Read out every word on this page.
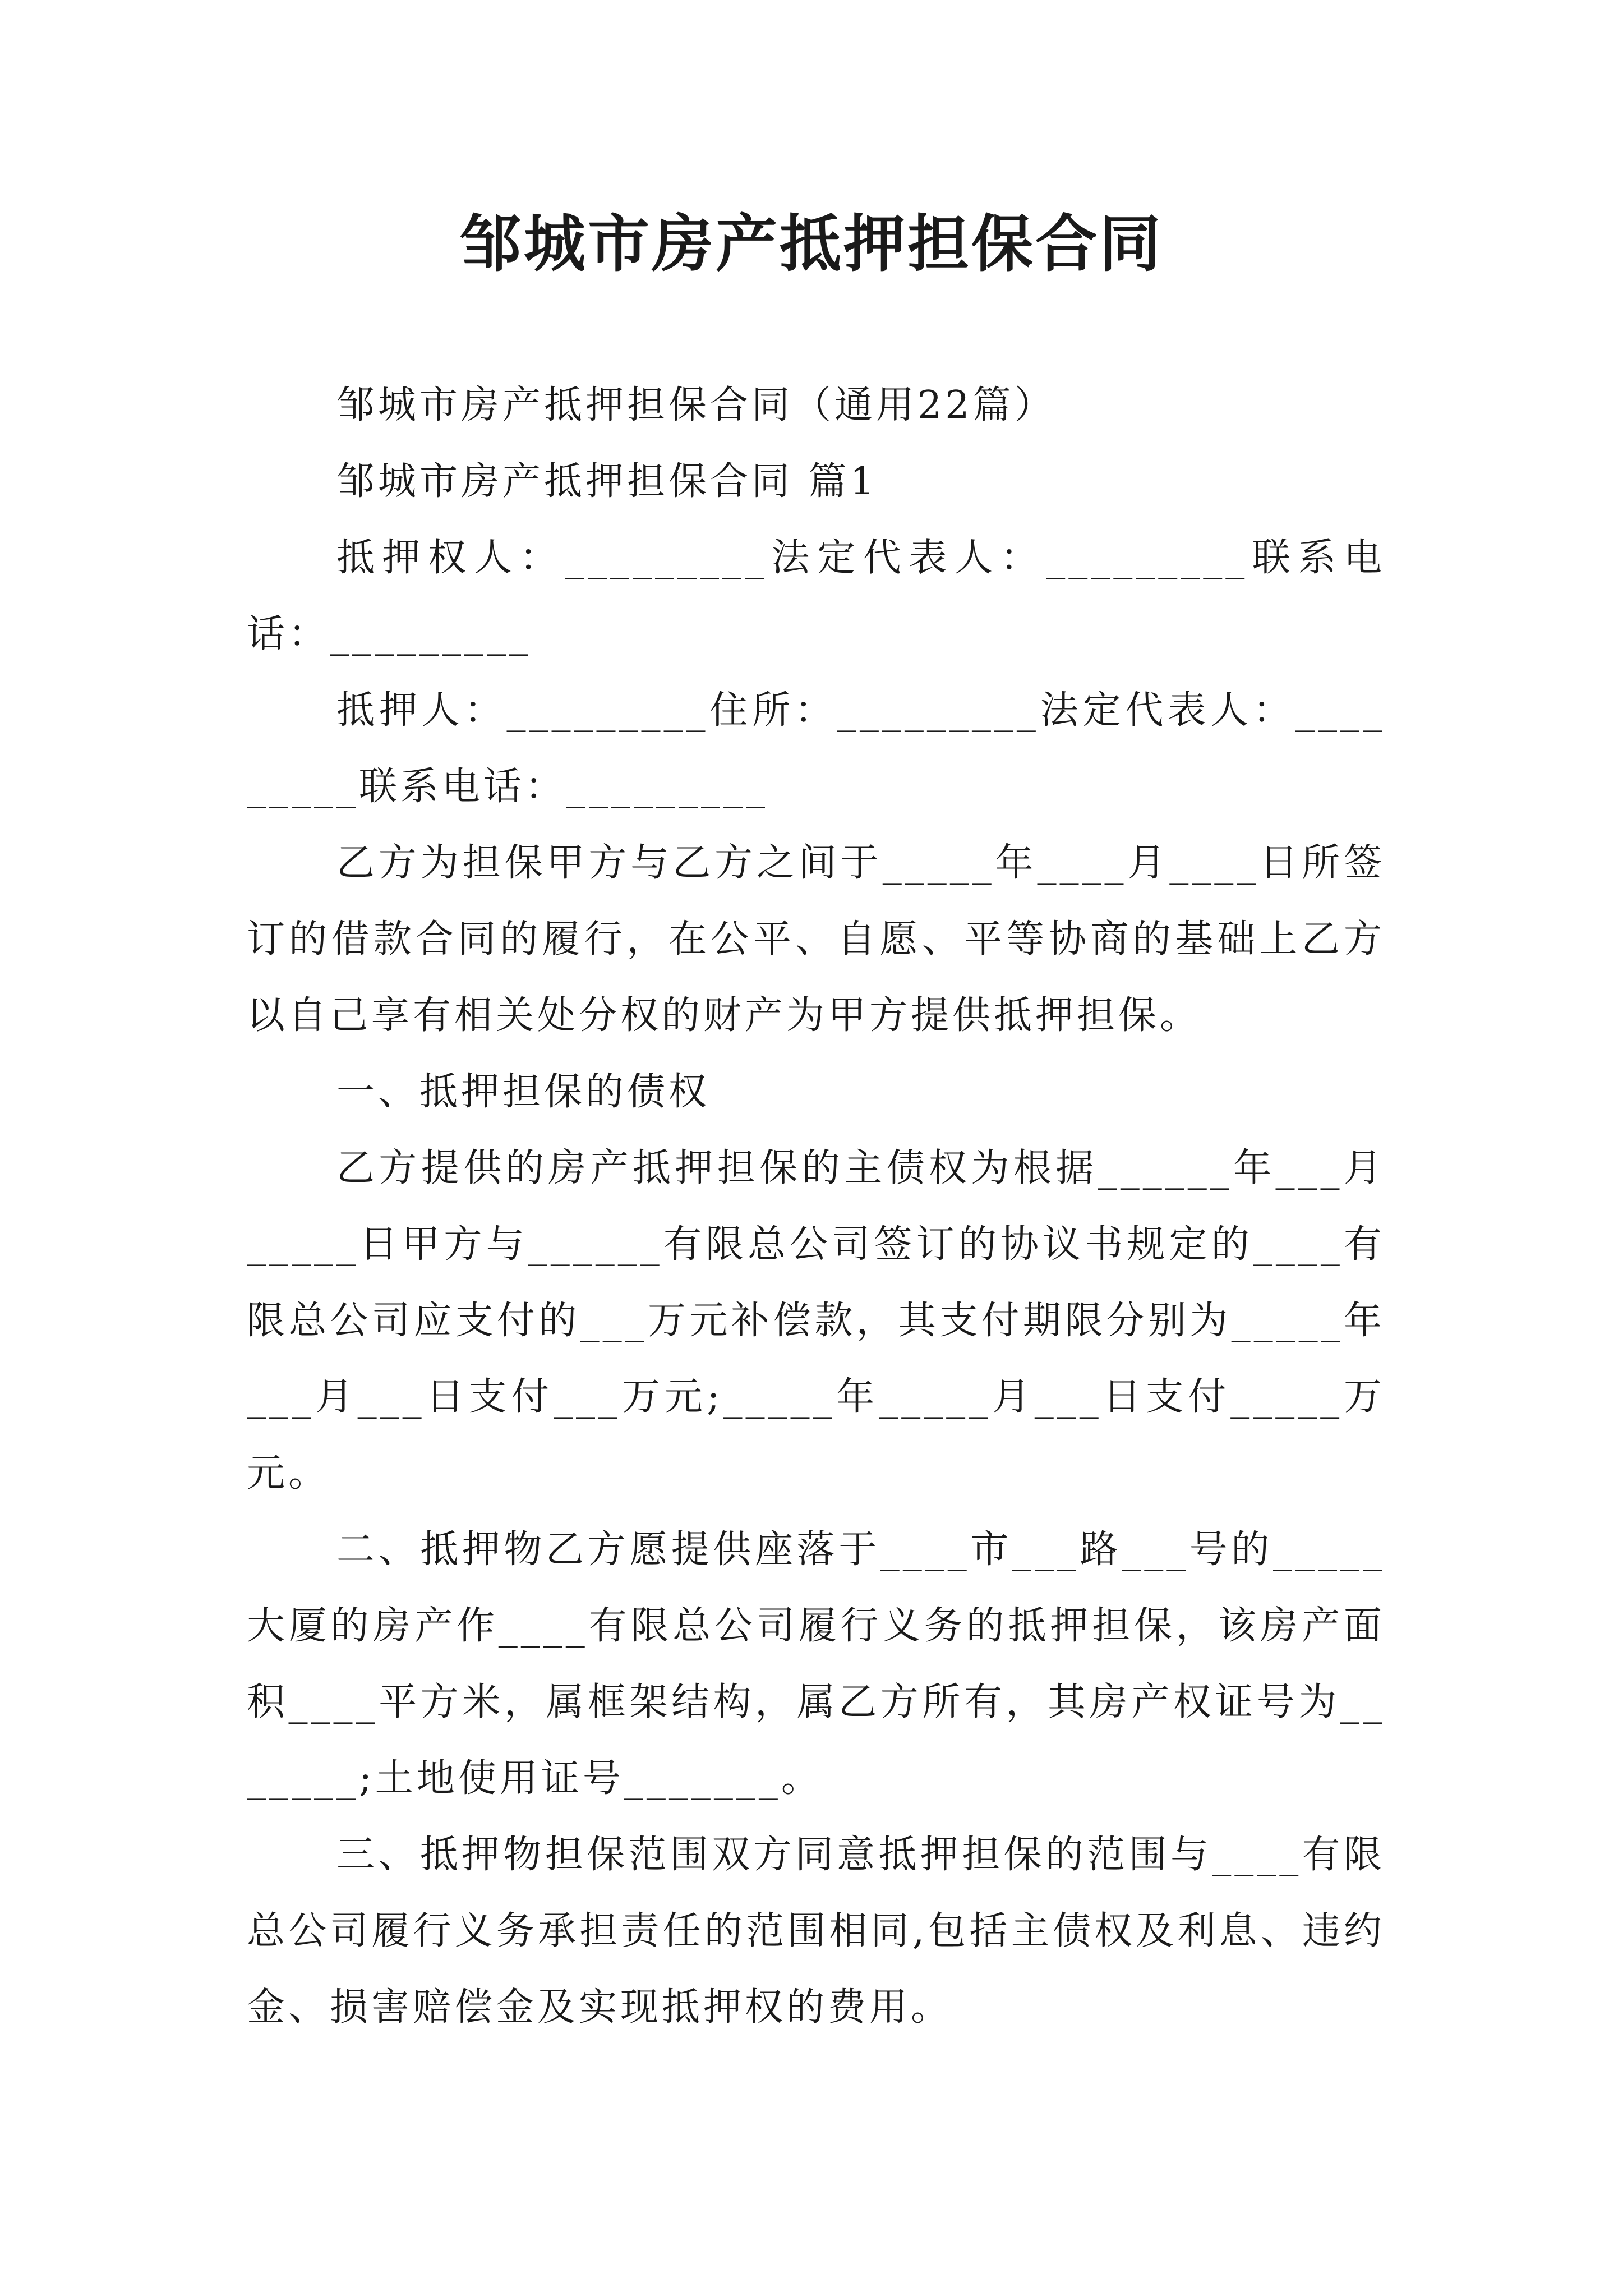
邹城市房产抵押担保合同

邹城市房产抵押担保合同（通用22篇）

邹城市房产抵押担保合同 篇1

抵押权人：_________法定代表人：_________联系电话：_________

抵押人：_________住所：_________法定代表人：_________联系电话：_________

乙方为担保甲方与乙方之间于_____年____月____日所签订的借款合同的履行，在公平、自愿、平等协商的基础上乙方以自己享有相关处分权的财产为甲方提供抵押担保。

一、抵押担保的债权

乙方提供的房产抵押担保的主债权为根据______年___月_____日甲方与______有限总公司签订的协议书规定的____有限总公司应支付的___万元补偿款，其支付期限分别为_____年___月___日支付___万元;_____年_____月___日支付_____万元。

二、抵押物乙方愿提供座落于____市___路___号的_____大厦的房产作____有限总公司履行义务的抵押担保，该房产面积____平方米，属框架结构，属乙方所有，其房产权证号为_______;土地使用证号_______。

三、抵押物担保范围双方同意抵押担保的范围与____有限总公司履行义务承担责任的范围相同,包括主债权及利息、违约金、损害赔偿金及实现抵押权的费用。
